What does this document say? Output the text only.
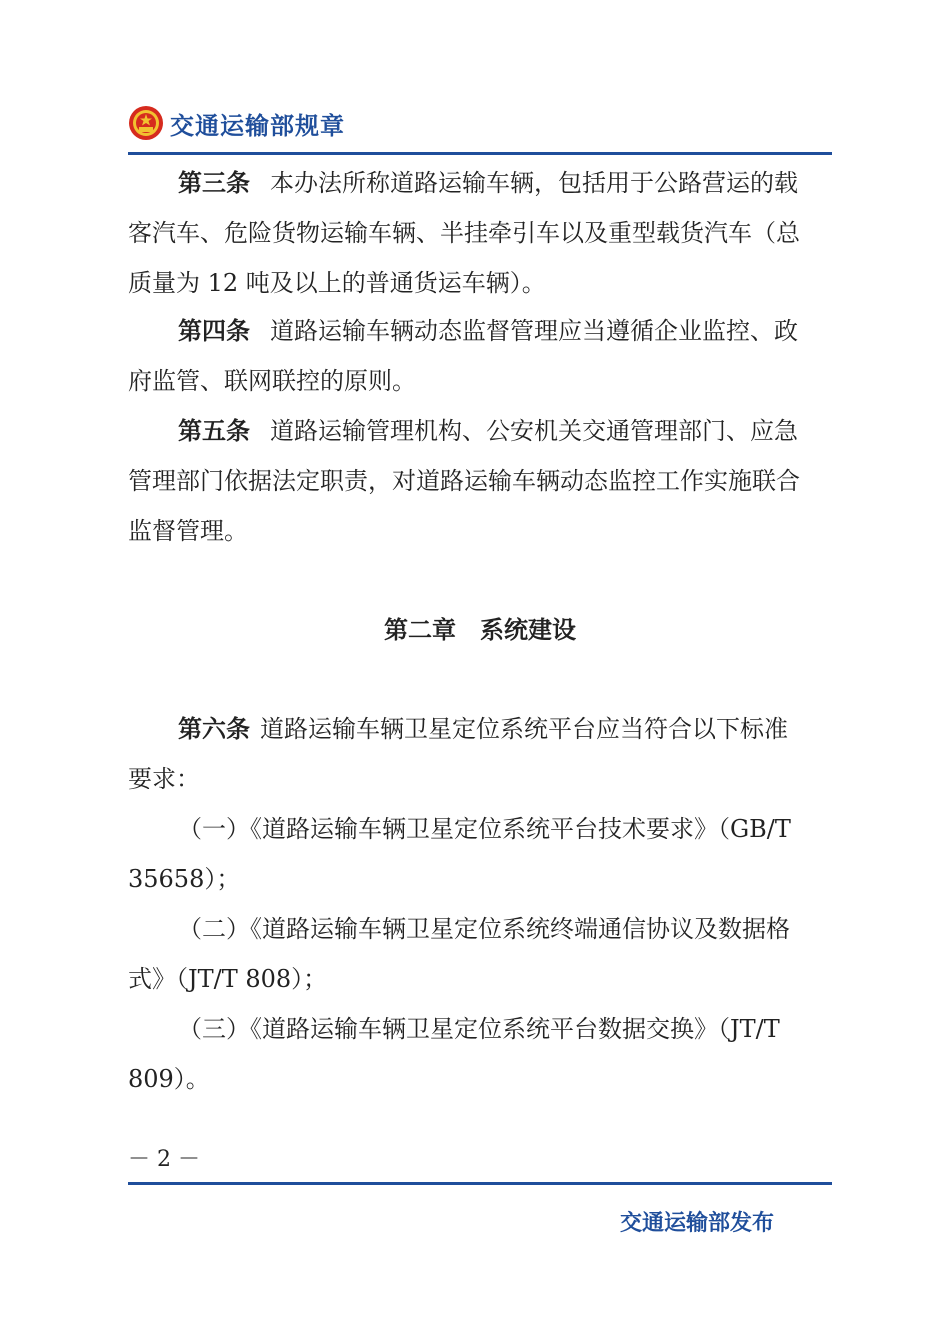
交通运输部规章
第三条 本办法所称道路运输车辆，包括用于公路营运的载
客汽车、危险货物运输车辆、半挂牵引车以及重型载货汽车（总
质量为 12 吨及以上的普通货运车辆）。
第四条 道路运输车辆动态监督管理应当遵循企业监控、政
府监管、联网联控的原则。
第五条 道路运输管理机构、公安机关交通管理部门、应急
管理部门依据法定职责，对道路运输车辆动态监控工作实施联合
监督管理。
第二章　系统建设
第六条 道路运输车辆卫星定位系统平台应当符合以下标准
要求：
（一）《道路运输车辆卫星定位系统平台技术要求》（GB/T
35658）；
（二）《道路运输车辆卫星定位系统终端通信协议及数据格
式》（JT/T 808）；
（三）《道路运输车辆卫星定位系统平台数据交换》（JT/T
809）。
－ 2 －
交通运输部发布
